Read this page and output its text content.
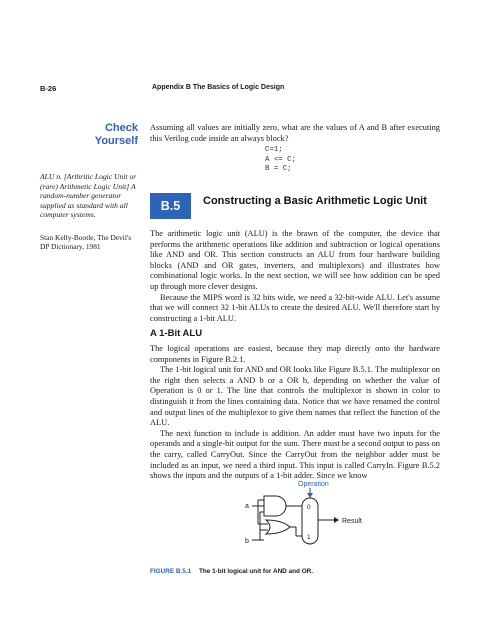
B-26	Appendix B The Basics of Logic Design
Check
Yourself
Assuming all values are initially zero, what are the values of A and B after executing this Verilog code inside an always block?
C=1;
A <= C;
B = C;
ALU n. [Arthritic Logic Unit or (rare) Arithmetic Logic Unit] A random-number generator supplied as standard with all computer systems.
Stan Kelly-Bootle, The Devil's DP Dictionary, 1981
B.5 Constructing a Basic Arithmetic Logic Unit

The arithmetic logic unit (ALU) is the brawn of the computer, the device that performs the arithmetic operations like addition and subtraction or logical operations like AND and OR. This section constructs an ALU from four hardware building blocks (AND and OR gates, inverters, and multiplexors) and illustrates how combinational logic works. In the next section, we will see how addition can be sped up through more clever designs.

Because the MIPS word is 32 bits wide, we need a 32-bit-wide ALU. Let's assume that we will connect 32 1-bit ALUs to create the desired ALU. We'll therefore start by constructing a 1-bit ALU.

A 1-Bit ALU

The logical operations are easiest, because they map directly onto the hardware components in Figure B.2.1.

The 1-bit logical unit for AND and OR looks like Figure B.5.1. The multiplexor on the right then selects a AND b or a OR b, depending on whether the value of Operation is 0 or 1. The line that controls the multiplexor is shown in color to distinguish it from the lines containing data. Notice that we have renamed the control and output lines of the multiplexor to give them names that reflect the function of the ALU.

The next function to include is addition. An adder must have two inputs for the operands and a single-bit output for the sum. There must be a second output to pass on the carry, called CarryOut. Since the CarryOut from the neighbor adder must be included as an input, we need a third input. This input is called CarryIn. Figure B.5.2 shows the inputs and the outputs of a 1-bit adder. Since we know

Operation
a
b
0
1
Result
FIGURE B.5.1 The 1-bit logical unit for AND and OR.
